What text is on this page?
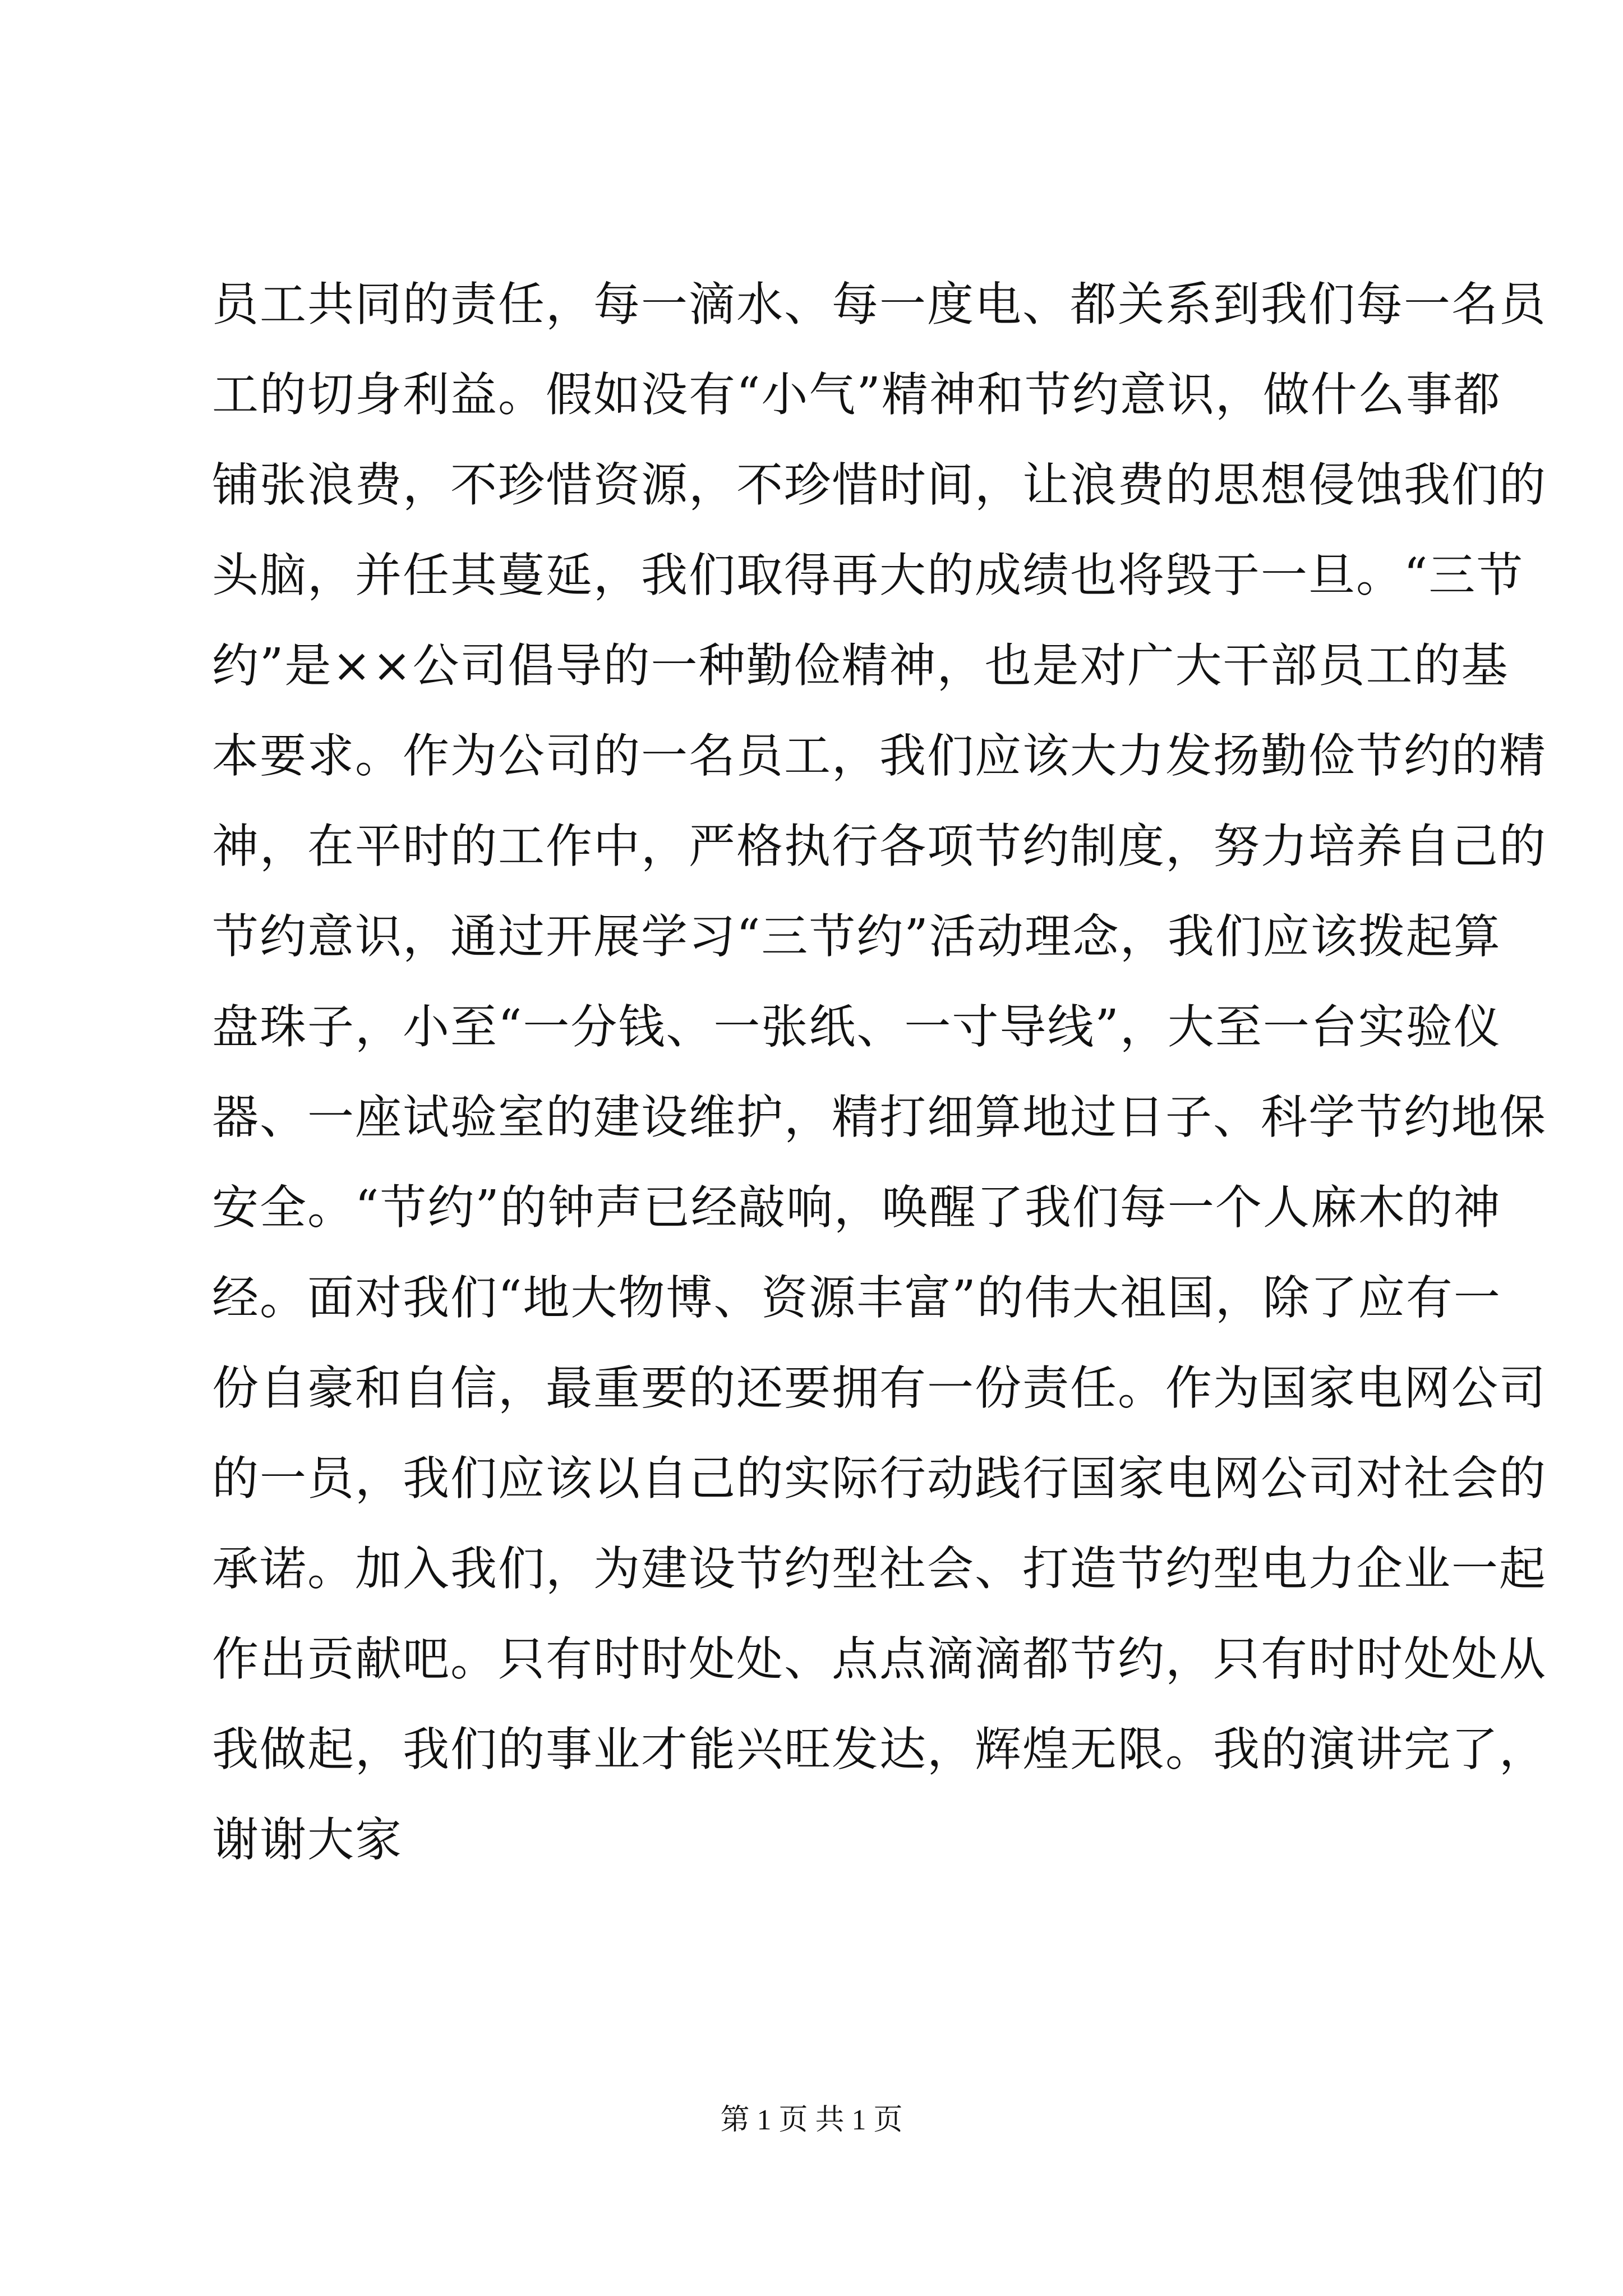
员工共同的责任，每一滴水、每一度电、都关系到我们每一名员
工的切身利益。假如没有“小气”精神和节约意识，做什么事都
铺张浪费，不珍惜资源，不珍惜时间，让浪费的思想侵蚀我们的
头脑，并任其蔓延，我们取得再大的成绩也将毁于一旦。“三节
约”是××公司倡导的一种勤俭精神，也是对广大干部员工的基
本要求。作为公司的一名员工，我们应该大力发扬勤俭节约的精
神，在平时的工作中，严格执行各项节约制度，努力培养自己的
节约意识，通过开展学习“三节约”活动理念，我们应该拨起算
盘珠子，小至“一分钱、一张纸、一寸导线”，大至一台实验仪
器、一座试验室的建设维护，精打细算地过日子、科学节约地保
安全。“节约”的钟声已经敲响，唤醒了我们每一个人麻木的神
经。面对我们“地大物博、资源丰富”的伟大祖国，除了应有一
份自豪和自信，最重要的还要拥有一份责任。作为国家电网公司
的一员，我们应该以自己的实际行动践行国家电网公司对社会的
承诺。加入我们，为建设节约型社会、打造节约型电力企业一起
作出贡献吧。只有时时处处、点点滴滴都节约，只有时时处处从
我做起，我们的事业才能兴旺发达，辉煌无限。我的演讲完了，
谢谢大家
第 1 页 共 1 页
